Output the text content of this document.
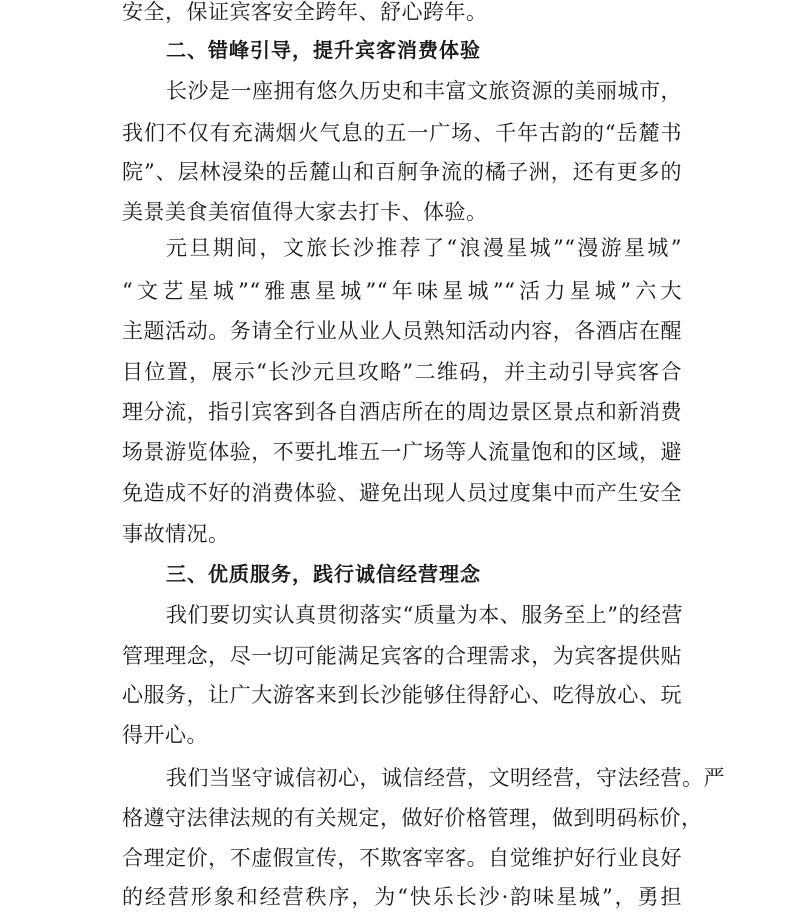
安全，保证宾客安全跨年、舒心跨年。

二、错峰引导，提升宾客消费体验

长沙是一座拥有悠久历史和丰富文旅资源的美丽城市，

我们不仅有充满烟火气息的五一广场、千年古韵的“岳麓书

院”、层林浸染的岳麓山和百舸争流的橘子洲，还有更多的

美景美食美宿值得大家去打卡、体验。

元旦期间，文旅长沙推荐了“浪漫星城”“漫游星城”

“文艺星城”“雅惠星城”“年味星城”“活力星城”六大

主题活动。务请全行业从业人员熟知活动内容，各酒店在醒

目位置，展示“长沙元旦攻略”二维码，并主动引导宾客合

理分流，指引宾客到各自酒店所在的周边景区景点和新消费

场景游览体验，不要扎堆五一广场等人流量饱和的区域，避

免造成不好的消费体验、避免出现人员过度集中而产生安全

事故情况。

三、优质服务，践行诚信经营理念

我们要切实认真贯彻落实“质量为本、服务至上”的经营

管理理念，尽一切可能满足宾客的合理需求，为宾客提供贴

心服务，让广大游客来到长沙能够住得舒心、吃得放心、玩

得开心。

我们当坚守诚信初心，诚信经营，文明经营，守法经营。严

格遵守法律法规的有关规定，做好价格管理，做到明码标价，

合理定价，不虚假宣传，不欺客宰客。自觉维护好行业良好

的经营形象和经营秩序，为“快乐长沙·韵味星城”，勇担
